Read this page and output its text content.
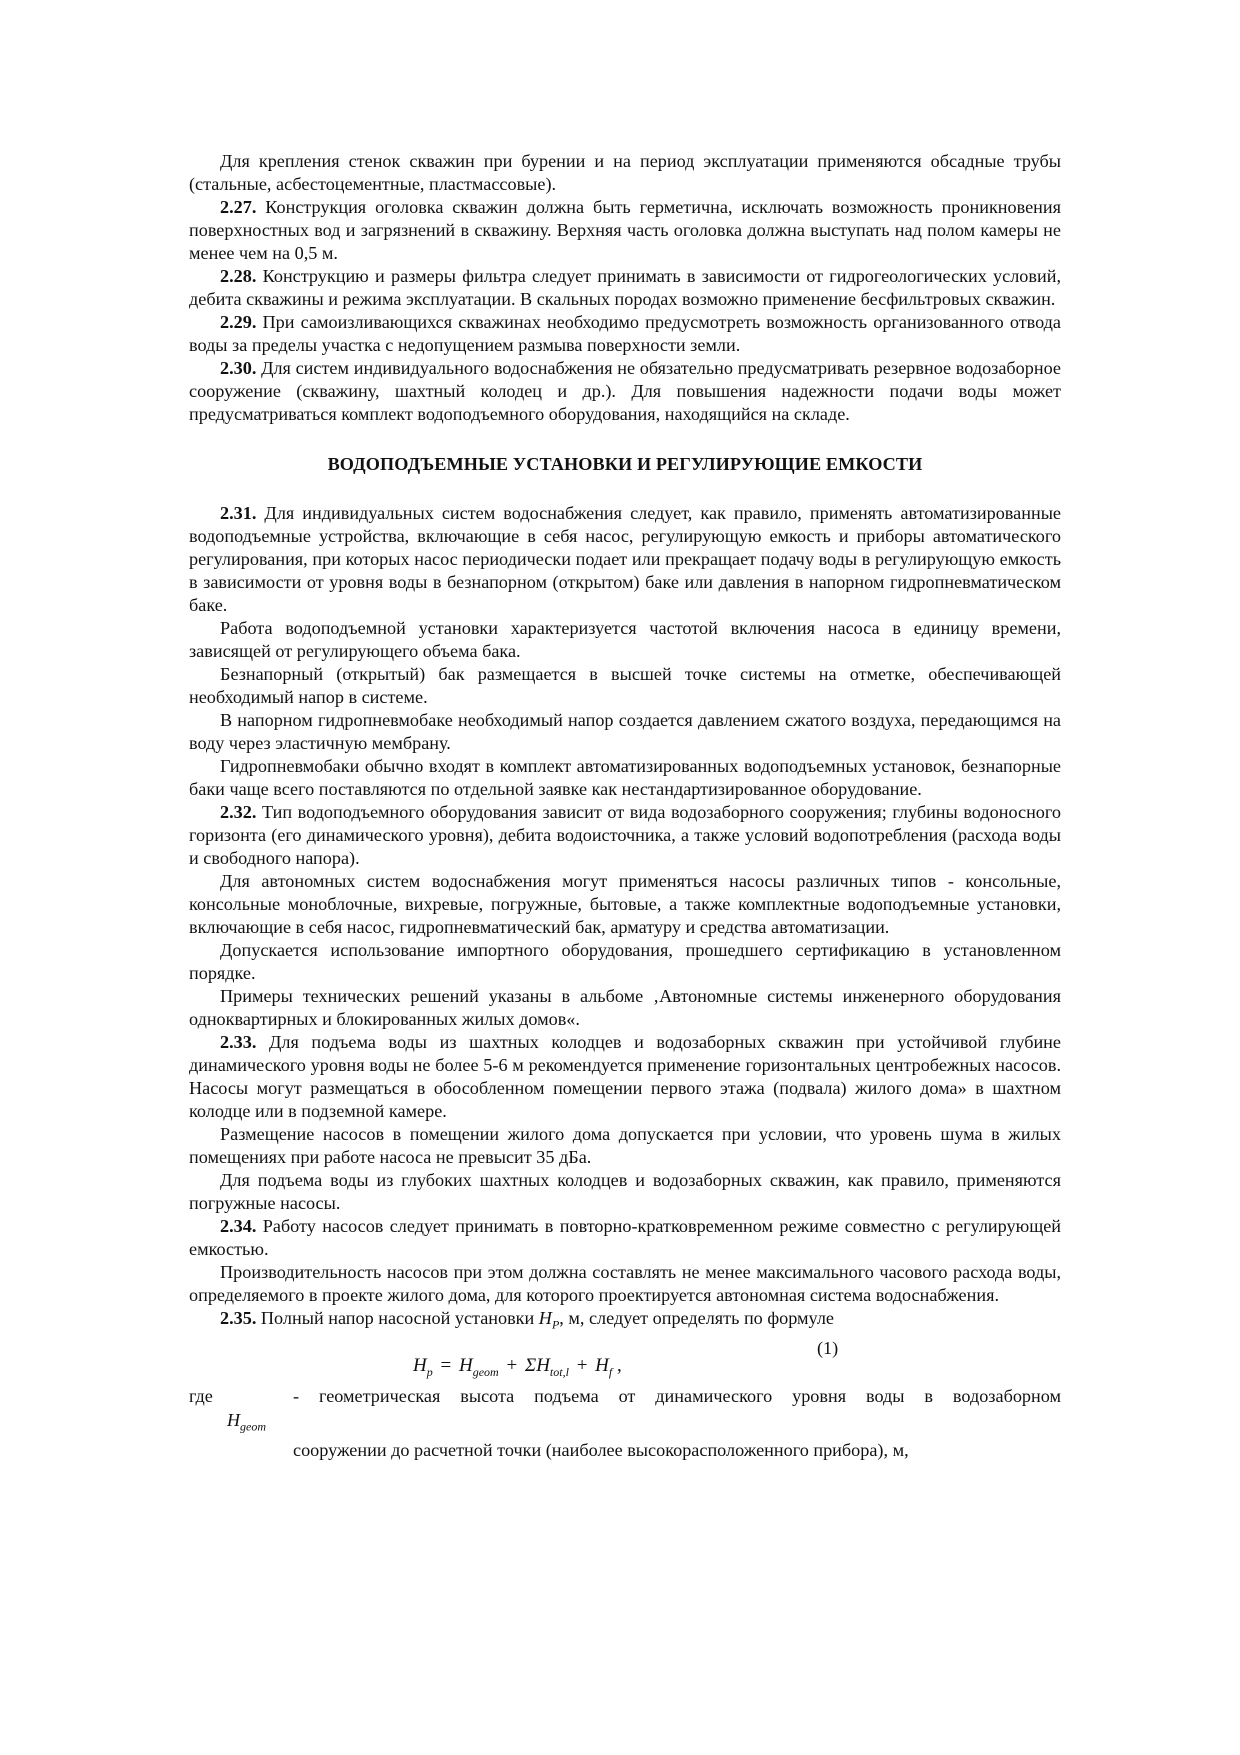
Для крепления стенок скважин при бурении и на период эксплуатации применяются обсадные трубы (стальные, асбестоцементные, пластмассовые).

2.27. Конструкция оголовка скважин должна быть герметична, исключать возможность проникновения поверхностных вод и загрязнений в скважину. Верхняя часть оголовка должна выступать над полом камеры не менее чем на 0,5 м.

2.28. Конструкцию и размеры фильтра следует принимать в зависимости от гидрогеологических условий, дебита скважины и режима эксплуатации. В скальных породах возможно применение бесфильтровых скважин.

2.29. При самоизливающихся скважинах необходимо предусмотреть возможность организованного отвода воды за пределы участка с недопущением размыва поверхности земли.

2.30. Для систем индивидуального водоснабжения не обязательно предусматривать резервное водозаборное сооружение (скважину, шахтный колодец и др.). Для повышения надежности подачи воды может предусматриваться комплект водоподъемного оборудования, находящийся на складе.

ВОДОПОДЪЕМНЫЕ УСТАНОВКИ И РЕГУЛИРУЮЩИЕ ЕМКОСТИ

2.31. Для индивидуальных систем водоснабжения следует, как правило, применять автоматизированные водоподъемные устройства, включающие в себя насос, регулирующую емкость и приборы автоматического регулирования, при которых насос периодически подает или прекращает подачу воды в регулирующую емкость в зависимости от уровня воды в безнапорном (открытом) баке или давления в напорном гидропневматическом баке.

Работа водоподъемной установки характеризуется частотой включения насоса в единицу времени, зависящей от регулирующего объема бака.

Безнапорный (открытый) бак размещается в высшей точке системы на отметке, обеспечивающей необходимый напор в системе.

В напорном гидропневмобаке необходимый напор создается давлением сжатого воздуха, передающимся на воду через эластичную мембрану.

Гидропневмобаки обычно входят в комплект автоматизированных водоподъемных установок, безнапорные баки чаще всего поставляются по отдельной заявке как нестандартизированное оборудование.

2.32. Тип водоподъемного оборудования зависит от вида водозаборного сооружения; глубины водоносного горизонта (его динамического уровня), дебита водоисточника, а также условий водопотребления (расхода воды и свободного напора).

Для автономных систем водоснабжения могут применяться насосы различных типов - консольные, консольные моноблочные, вихревые, погружные, бытовые, а также комплектные водоподъемные установки, включающие в себя насос, гидропневматический бак, арматуру и средства автоматизации.

Допускается использование импортного оборудования, прошедшего сертификацию в установленном порядке.

Примеры технических решений указаны в альбоме ‚Автономные системы инженерного оборудования одноквартирных и блокированных жилых домов«.

2.33. Для подъема воды из шахтных колодцев и водозаборных скважин при устойчивой глубине динамического уровня воды не более 5-6 м рекомендуется применение горизонтальных центробежных насосов. Насосы могут размещаться в обособленном помещении первого этажа (подвала) жилого дома» в шахтном колодце или в подземной камере.

Размещение насосов в помещении жилого дома допускается при условии, что уровень шума в жилых помещениях при работе насоса не превысит 35 дБа.

Для подъема воды из глубоких шахтных колодцев и водозаборных скважин, как правило, применяются погружные насосы.

2.34. Работу насосов следует принимать в повторно-кратковременном режиме совместно с регулирующей емкостью.

Производительность насосов при этом должна составлять не менее максимального часового расхода воды, определяемого в проекте жилого дома, для которого проектируется автономная система водоснабжения.

2.35. Полный напор насосной установки $H_P$, м, следует определять по формуле

(1)
$H_p = H_{geom} + \Sigma H_{tot,l} + H_f$ ,
где
$H_{geom}$
- геометрическая высота подъема от динамического уровня воды в водозаборном
сооружении до расчетной точки (наиболее высокорасположенного прибора), м,
